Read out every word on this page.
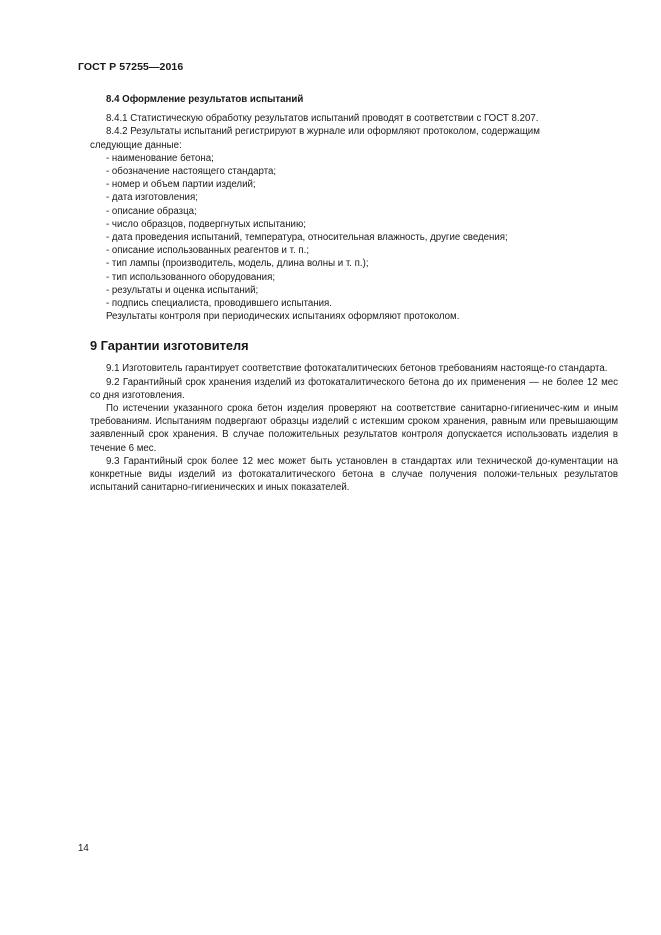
ГОСТ Р 57255—2016
8.4 Оформление результатов испытаний

8.4.1 Статистическую обработку результатов испытаний проводят в соответствии с ГОСТ 8.207.

8.4.2 Результаты испытаний регистрируют в журнале или оформляют протоколом, содержащим

следующие данные:

- наименование бетона;
- обозначение настоящего стандарта;
- номер и объем партии изделий;
- дата изготовления;
- описание образца;
- число образцов, подвергнутых испытанию;
- дата проведения испытаний, температура, относительная влажность, другие сведения;
- описание использованных реагентов и т. п.;
- тип лампы (производитель, модель, длина волны и т. п.);
- тип использованного оборудования;
- результаты и оценка испытаний;
- подпись специалиста, проводившего испытания.

Результаты контроля при периодических испытаниях оформляют протоколом.

9 Гарантии изготовителя

9.1 Изготовитель гарантирует соответствие фотокаталитических бетонов требованиям настояще-го стандарта.

9.2 Гарантийный срок хранения изделий из фотокаталитического бетона до их применения — не более 12 мес со дня изготовления.

По истечении указанного срока бетон изделия проверяют на соответствие санитарно-гигиеничес-ким и иным требованиям. Испытаниям подвергают образцы изделий с истекшим сроком хранения, равным или превышающим заявленный срок хранения. В случае положительных результатов контроля допускается использовать изделия в течение 6 мес.

9.3 Гарантийный срок более 12 мес может быть установлен в стандартах или технической до-кументации на конкретные виды изделий из фотокаталитического бетона в случае получения положи-тельных результатов испытаний санитарно-гигиенических и иных показателей.

14
